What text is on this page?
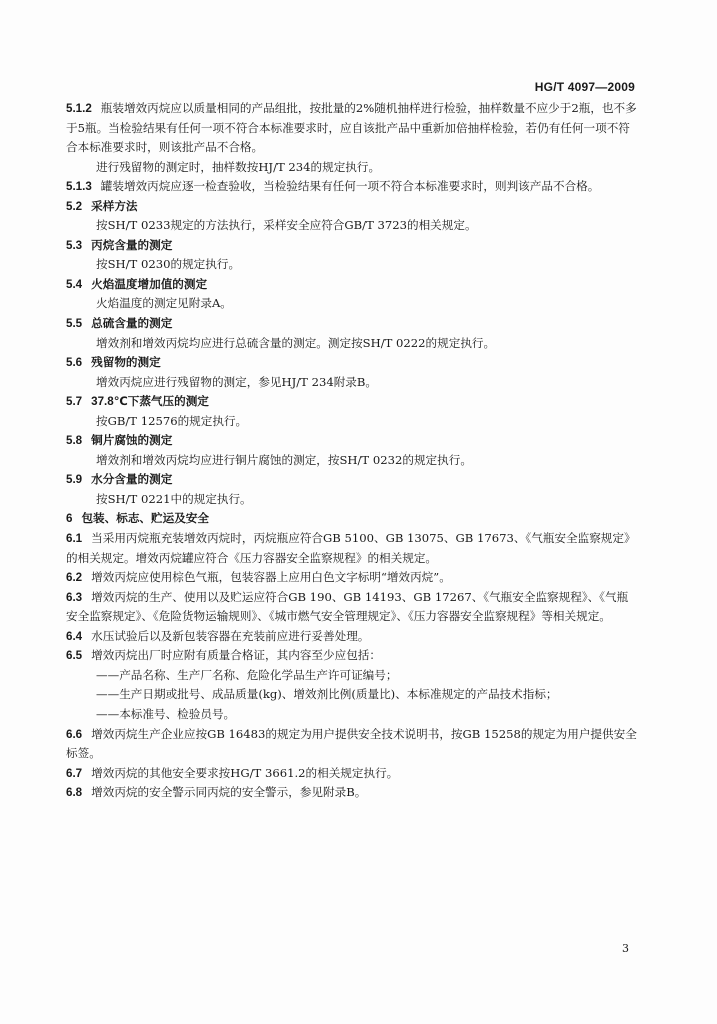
HG/T 4097—2009

5.1.2 瓶装增效丙烷应以质量相同的产品组批，按批量的2%随机抽样进行检验，抽样数量不应少于2瓶，也不多于5瓶。当检验结果有任何一项不符合本标准要求时，应自该批产品中重新加倍抽样检验，若仍有任何一项不符合本标准要求时，则该批产品不合格。

进行残留物的测定时，抽样数按HJ/T 234的规定执行。

5.1.3 罐装增效丙烷应逐一检查验收，当检验结果有任何一项不符合本标准要求时，则判该产品不合格。

5.2 采样方法

按SH/T 0233规定的方法执行，采样安全应符合GB/T 3723的相关规定。

5.3 丙烷含量的测定

按SH/T 0230的规定执行。

5.4 火焰温度增加值的测定

火焰温度的测定见附录A。

5.5 总硫含量的测定

增效剂和增效丙烷均应进行总硫含量的测定。测定按SH/T 0222的规定执行。

5.6 残留物的测定

增效丙烷应进行残留物的测定，参见HJ/T 234附录B。

5.7 37.8℃下蒸气压的测定

按GB/T 12576的规定执行。

5.8 铜片腐蚀的测定

增效剂和增效丙烷均应进行铜片腐蚀的测定，按SH/T 0232的规定执行。

5.9 水分含量的测定

按SH/T 0221中的规定执行。

6 包装、标志、贮运及安全

6.1 当采用丙烷瓶充装增效丙烷时，丙烷瓶应符合GB 5100、GB 13075、GB 17673、《气瓶安全监察规定》的相关规定。增效丙烷罐应符合《压力容器安全监察规程》的相关规定。

6.2 增效丙烷应使用棕色气瓶，包装容器上应用白色文字标明“增效丙烷”。

6.3 增效丙烷的生产、使用以及贮运应符合GB 190、GB 14193、GB 17267、《气瓶安全监察规程》、《气瓶安全监察规定》、《危险货物运输规则》、《城市燃气安全管理规定》、《压力容器安全监察规程》等相关规定。

6.4 水压试验后以及新包装容器在充装前应进行妥善处理。

6.5 增效丙烷出厂时应附有质量合格证，其内容至少应包括：

——产品名称、生产厂名称、危险化学品生产许可证编号；

——生产日期或批号、成品质量(kg)、增效剂比例(质量比)、本标准规定的产品技术指标；

——本标准号、检验员号。

6.6 增效丙烷生产企业应按GB 16483的规定为用户提供安全技术说明书，按GB 15258的规定为用户提供安全标签。

6.7 增效丙烷的其他安全要求按HG/T 3661.2的相关规定执行。

6.8 增效丙烷的安全警示同丙烷的安全警示，参见附录B。

3
